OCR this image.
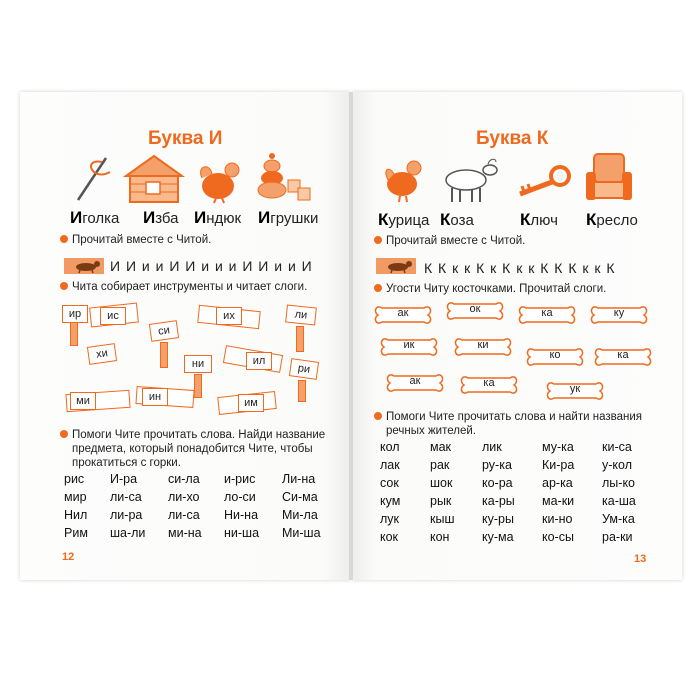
Буква И
Иголка Изба Индюк Игрушки
Прочитай вместе с Читой.
И И и и И И и и и И И и и И
Чита собирает инструменты и читает слоги.
ир	ис
си
их	ли
хи
ил
ни	ри
ми	ин	им
Помоги Чите прочитать слова. Найди название
предмета, который понадобится Чите, чтобы
прокатиться с горки.
рис И-ра си-ла и-рис Ли-на
мир ли-са ли-хо ло-си Си-ма
Нил ли-ра ли-са Ни-на Ми-ла
Рим ша-ли ми-на ни-ша Ми-ша
12
Буква К
Курица Коза	Ключ Кресло
Прочитай вместе с Читой.
К К к к К к К к к К К К к к К
Угости Читу косточками. Прочитай слоги.
ак	ок	ка	ку
ик	ки
ко	ка
ак	ка	ук
Помоги Чите прочитать слова и найти названия
речных жителей.
кол мак лик	му-ка ки-са
лак рак	ру-ка Ки-ра у-кол
сок шок ко-ра ар-ка лы-ко
кум рык ка-ры ма-ки ка-ша
лук кыш ку-ры ки-но Ум-ка
кок	кон	ку-ма ко-сы ра-ки
13
